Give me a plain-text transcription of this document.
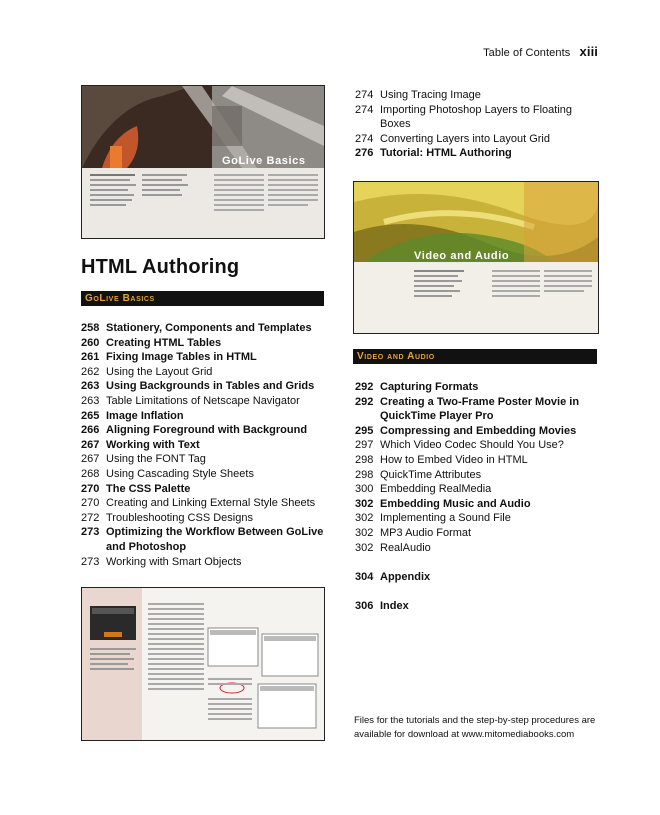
Table of Contents xiii
GoLive Basics
Video and Audio
HTML Authoring
GoLive Basics
Video and Audio
258 Stationery, Components and Templates
260 Creating HTML Tables
261 Fixing Image Tables in HTML
262 Using the Layout Grid
263 Using Backgrounds in Tables and Grids
263 Table Limitations of Netscape Navigator
265 Image Inflation
266 Aligning Foreground with Background
267 Working with Text
267 Using the FONT Tag
268 Using Cascading Style Sheets
270 The CSS Palette
270 Creating and Linking External Style Sheets
272 Troubleshooting CSS Designs
273 Optimizing the Workflow Between GoLive and Photoshop
273 Working with Smart Objects
274 Using Tracing Image
274 Importing Photoshop Layers to Floating Boxes
274 Converting Layers into Layout Grid
276 Tutorial: HTML Authoring
292 Capturing Formats
292 Creating a Two-Frame Poster Movie in QuickTime Player Pro
295 Compressing and Embedding Movies
297 Which Video Codec Should You Use?
298 How to Embed Video in HTML
298 QuickTime Attributes
300 Embedding RealMedia
302 Embedding Music and Audio
302 Implementing a Sound File
302 MP3 Audio Format
302 RealAudio
304 Appendix
306 Index
Files for the tutorials and the step-by-step procedures are available for download at www.mitomediabooks.com
